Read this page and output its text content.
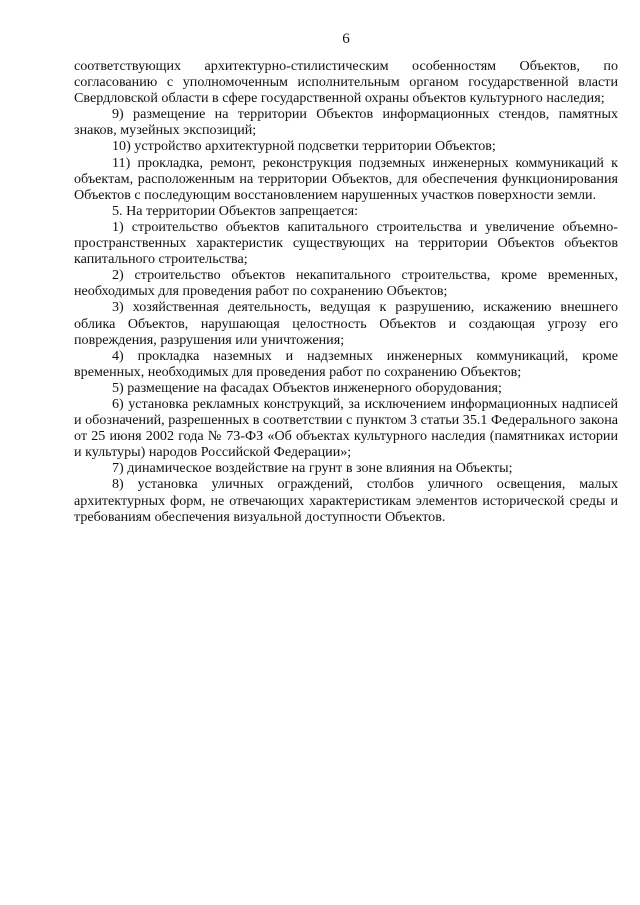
6

соответствующих архитектурно-стилистическим особенностям Объектов, по согласованию с уполномоченным исполнительным органом государственной власти Свердловской области в сфере государственной охраны объектов культурного наследия;

9) размещение на территории Объектов информационных стендов, памятных знаков, музейных экспозиций;

10) устройство архитектурной подсветки территории Объектов;

11) прокладка, ремонт, реконструкция подземных инженерных коммуникаций к объектам, расположенным на территории Объектов, для обеспечения функционирования Объектов с последующим восстановлением нарушенных участков поверхности земли.

5. На территории Объектов запрещается:

1) строительство объектов капитального строительства и увеличение объемно-пространственных характеристик существующих на территории Объектов объектов капитального строительства;

2) строительство объектов некапитального строительства, кроме временных, необходимых для проведения работ по сохранению Объектов;

3) хозяйственная деятельность, ведущая к разрушению, искажению внешнего облика Объектов, нарушающая целостность Объектов и создающая угрозу его повреждения, разрушения или уничтожения;

4) прокладка наземных и надземных инженерных коммуникаций, кроме временных, необходимых для проведения работ по сохранению Объектов;

5) размещение на фасадах Объектов инженерного оборудования;

6) установка рекламных конструкций, за исключением информационных надписей и обозначений, разрешенных в соответствии с пунктом 3 статьи 35.1 Федерального закона от 25 июня 2002 года № 73-ФЗ «Об объектах культурного наследия (памятниках истории и культуры) народов Российской Федерации»;

7) динамическое воздействие на грунт в зоне влияния на Объекты;

8) установка уличных ограждений, столбов уличного освещения, малых архитектурных форм, не отвечающих характеристикам элементов исторической среды и требованиям обеспечения визуальной доступности Объектов.
